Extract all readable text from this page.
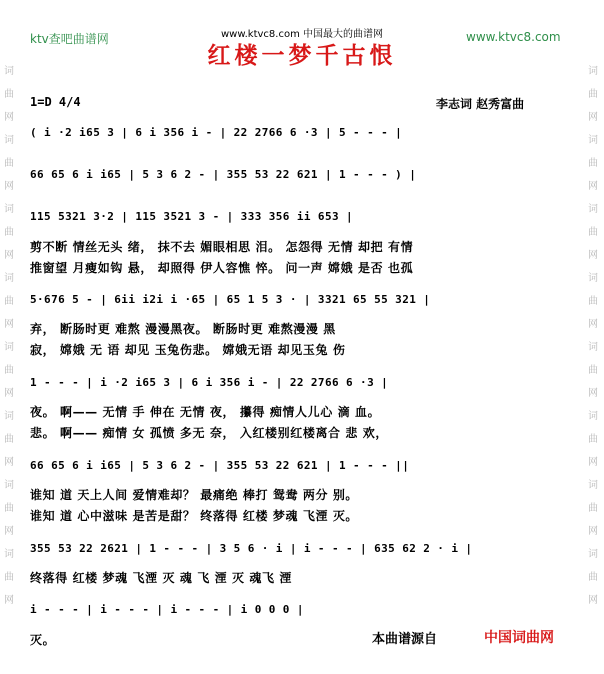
ktv查吧曲谱网	www.ktvc8.com 中国最大的曲谱网	www.ktvc8.com
红楼一梦千古恨
1=D 4/4	李志词 赵秀富曲
词
曲
网
词
曲
网
词
曲
网
词
曲
网
词
曲
网
词
曲
网
词
曲
网
词
曲
网
词
曲
网
词
曲
网
词
曲
网
词
曲
网
词
曲
网
词
曲
网
词
曲
网
词
曲
网
( i ·2 i65 3 | 6 i 356 i - | 22 2766 6 ·3 | 5 - - - |
66 65 6 i i65 | 5 3 6 2 - | 355 53 22 621 | 1 - - - ) |
115 5321 3·2 | 115 3521 3 - | 333 356 ii 653 |
5·676 5 - | 6ii i2i i ·65 | 65 1 5 3 · | 3321 65 55 321 |
1 - - - | i ·2 i65 3 | 6 i 356 i - | 22 2766 6 ·3 |
66 65 6 i i65 | 5 3 6 2 - | 355 53 22 621 | 1 - - - ||
355 53 22 2621 | 1 - - - | 3 5 6 · i | i - - - | 635 62 2 · i |
i - - - | i - - - | i - - - | i 0 0 0 |
剪不断 情丝无头 绪， 抹不去 媚眼相思 泪。 怎怨得 无情 却把 有情
推窗望 月瘦如钩 悬， 却照得 伊人容憔 悴。 问一声 嫦娥 是否 也孤
弃， 断肠时更 难熬 漫漫黑夜。 断肠时更 难熬漫漫 黑
寂， 嫦娥 无 语 却见 玉兔伤悲。 嫦娥无语 却见玉兔 伤
夜。 啊—— 无情 手 伸在 无情 夜， 攥得 痴情人儿心 滴 血。
悲。 啊—— 痴情 女 孤愤 多无 奈， 入红楼别红楼离合 悲 欢，
谁知 道 天上人间 爱情难却？ 最痛绝 棒打 鸳鸯 两分 别。
谁知 道 心中滋味 是苦是甜？ 终落得 红楼 梦魂 飞湮 灭。
终落得 红楼 梦魂 飞湮 灭 魂 飞 湮 灭 魂飞 湮
灭。	本曲谱源自	中国词曲网
